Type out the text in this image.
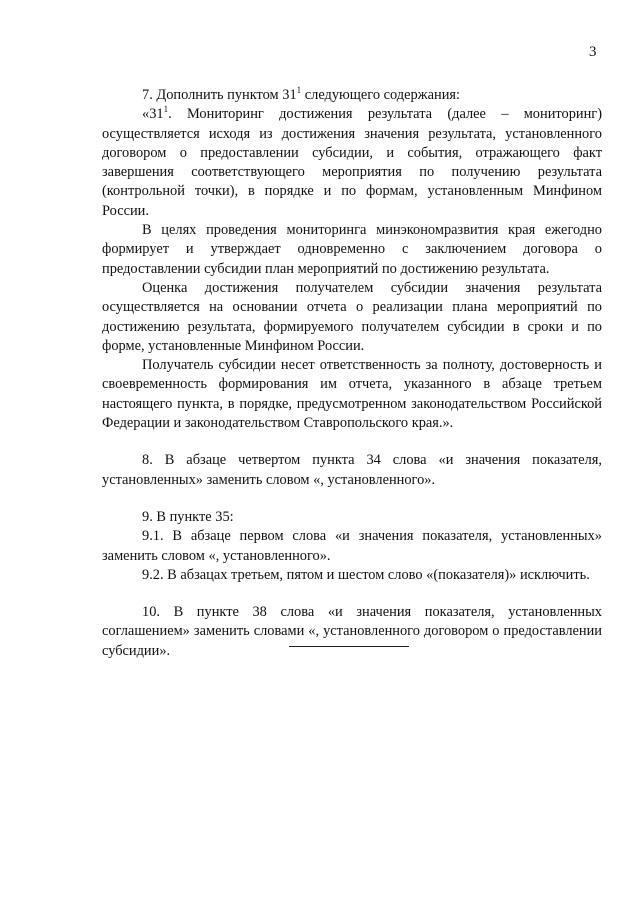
3

7. Дополнить пунктом $31^1$ следующего содержания:

«$31^1$. Мониторинг достижения результата (далее – мониторинг) осуществляется исходя из достижения значения результата, установленного договором о предоставлении субсидии, и события, отражающего факт завершения соответствующего мероприятия по получению результата (контрольной точки), в порядке и по формам, установленным Минфином России.

В целях проведения мониторинга минэкономразвития края ежегодно формирует и утверждает одновременно с заключением договора о предоставлении субсидии план мероприятий по достижению результата.

Оценка достижения получателем субсидии значения результата осуществляется на основании отчета о реализации плана мероприятий по достижению результата, формируемого получателем субсидии в сроки и по форме, установленные Минфином России.

Получатель субсидии несет ответственность за полноту, достоверность и своевременность формирования им отчета, указанного в абзаце третьем настоящего пункта, в порядке, предусмотренном законодательством Российской Федерации и законодательством Ставропольского края.».

8. В абзаце четвертом пункта 34 слова «и значения показателя, установленных» заменить словом «, установленного».

9. В пункте 35:

9.1. В абзаце первом слова «и значения показателя, установленных» заменить словом «, установленного».

9.2. В абзацах третьем, пятом и шестом слово «(показателя)» исключить.

10. В пункте 38 слова «и значения показателя, установленных соглашением» заменить словами «, установленного договором о предоставлении субсидии».
